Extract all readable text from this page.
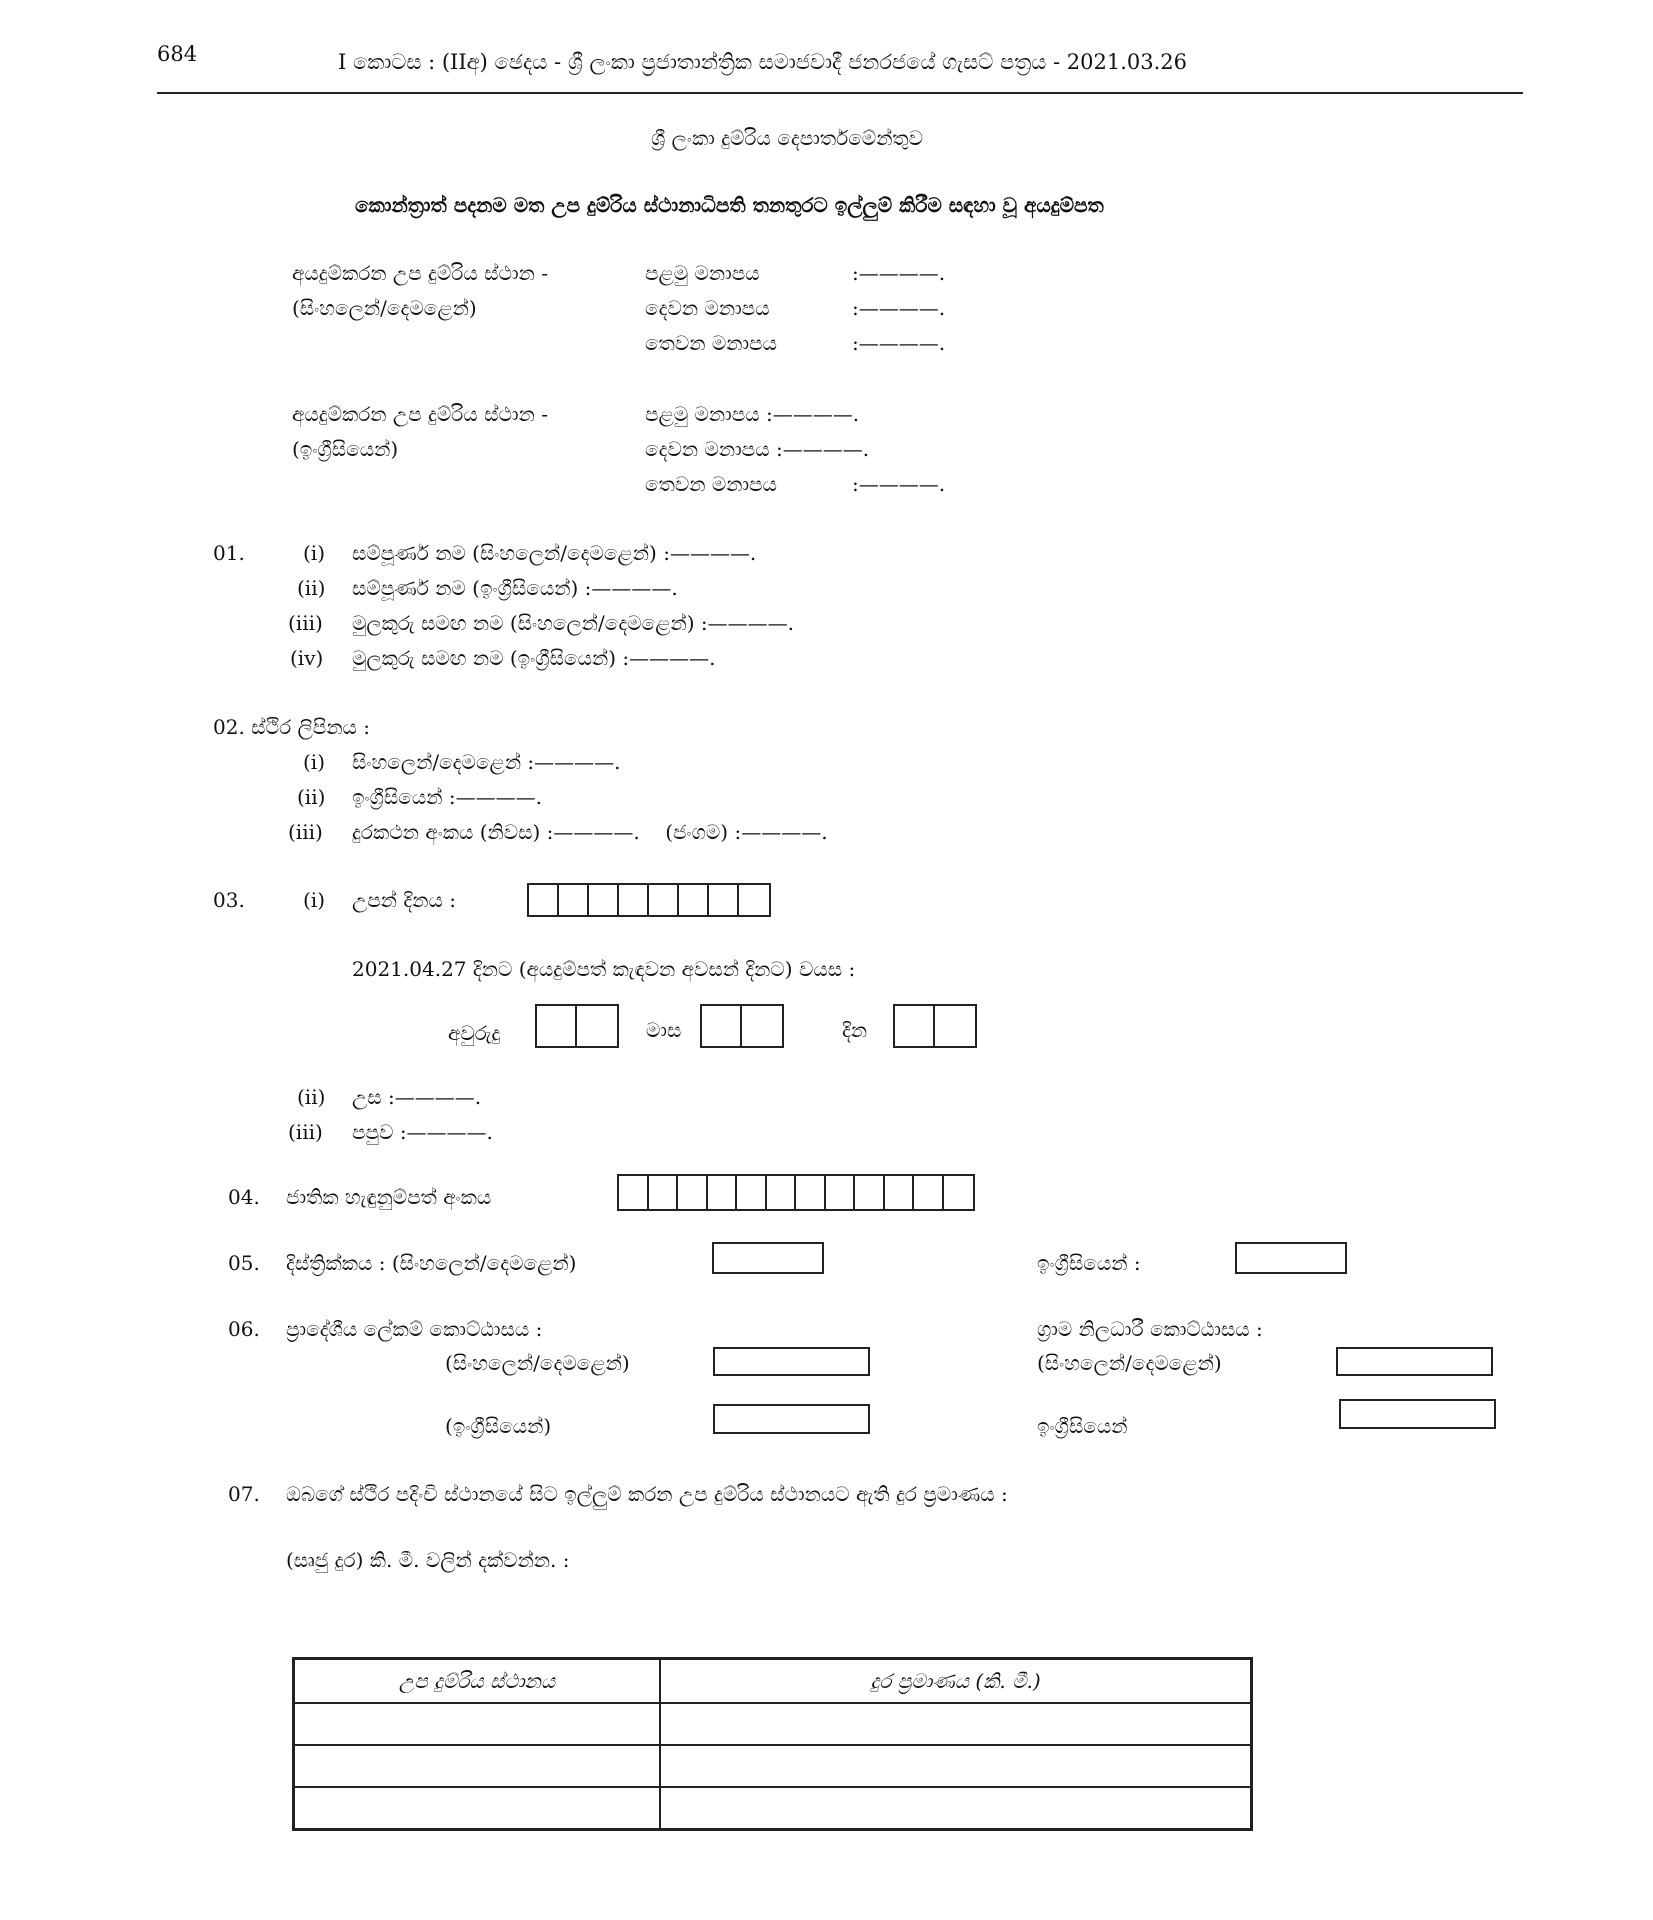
684	I කොටස : (IIඅ) ඡෙදය - ශ්‍රී ලංකා ප්‍රජාතාන්ත්‍රික සමාජවාදී ජනරජයේ ගැසට් පත්‍රය - 2021.03.26
ශ්‍රී ලංකා දුම්රිය දෙපාර්තමේන්තුව
කොන්ත්‍රාත් පදනම මත උප දුම්රිය ස්ථානාධිපති තනතුරට ඉල්ලුම් කිරීම සඳහා වූ අයදුම්පත
අයදුම්කරන උප දුම්රිය ස්ථාන -
(සිංහලෙන්/දෙමළෙන්)
පළමු මනාපය	:————.
දෙවන මනාපය	:————.
තෙවන මනාපය	:————.
අයදුම්කරන උප දුම්රිය ස්ථාන -
(ඉංග්‍රීසියෙන්)
පළමු මනාපය :————.
දෙවන මනාපය :————.
තෙවන මනාපය	:————.
01.	(i) සම්පූර්ණ නම (සිංහලෙන්/දෙමළෙන්) :————.
(ii) සම්පූර්ණ නම (ඉංග්‍රීසියෙන්) :————.
(iii) මුලකුරු සමඟ නම (සිංහලෙන්/දෙමළෙන්) :————.
(iv) මුලකුරු සමඟ නම (ඉංග්‍රීසියෙන්) :————.
02. ස්ථිර ලිපිනය :
(i) සිංහලෙන්/දෙමළෙන් :————.
(ii) ඉංග්‍රීසියෙන් :————.
(iii) දුරකථන අංකය (නිවස) :————.    (ජංගම) :————.
03.	(i) උපන් දිනය :
2021.04.27 දිනට (අයදුම්පත් කැඳවන අවසන් දිනට) වයස :
අවුරුදු	මාස	දින
(ii) උස :————.
(iii) පපුව :————.
04. ජාතික හැඳුනුම්පත් අංකය
05. දිස්ත්‍රික්කය : (සිංහලෙන්/දෙමළෙන්)	ඉංග්‍රීසියෙන් :
06. ප්‍රාදේශීය ලේකම් කොට්ඨාසය :
(සිංහලෙන්/දෙමළෙන්)
(ඉංග්‍රීසියෙන්)
ග්‍රාම නිලධාරී කොට්ඨාසය :
(සිංහලෙන්/දෙමළෙන්)
ඉංග්‍රීසියෙන්
07. ඔබගේ ස්ථිර පදිංචි ස්ථානයේ සිට ඉල්ලුම් කරන උප දුම්රිය ස්ථානයට ඇති දුර ප්‍රමාණය :
(සෘජු දුර) කි. මී. වලින් දක්වන්න. :
උප දුම්රිය ස්ථානය	දුර ප්‍රමාණය (කි. මී.)
